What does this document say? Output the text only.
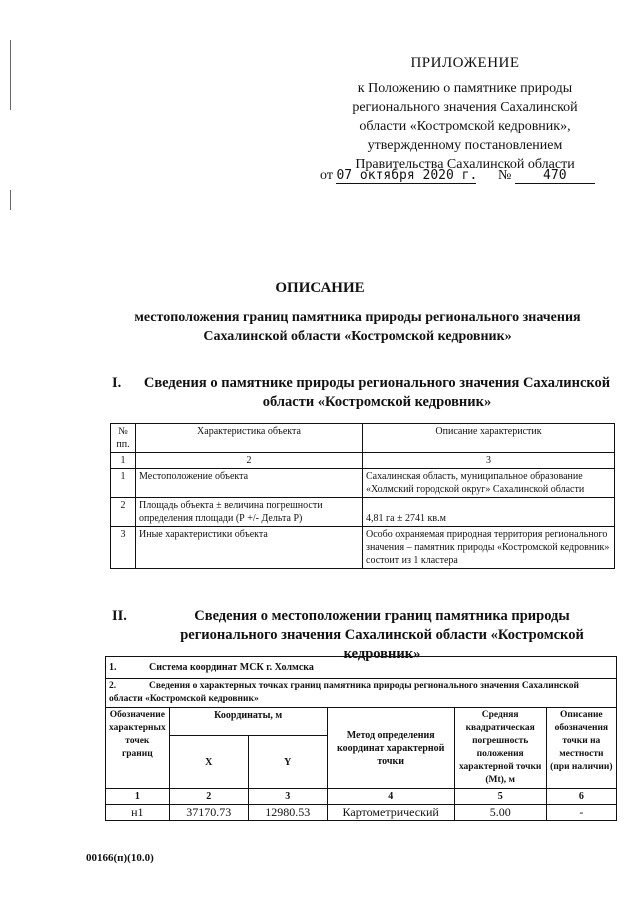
ПРИЛОЖЕНИЕ
к Положению о памятнике природы
регионального значения Сахалинской
области «Костромской кедровник»,
утвержденному постановлением
Правительства Сахалинской области
от 07 октября 2020 г. № 470
ОПИСАНИЕ
местоположения границ памятника природы регионального значения Сахалинской области «Костромской кедровник»
I. Сведения о памятнике природы регионального значения Сахалинской области «Костромской кедровник»
№ пп.	Характеристика объекта	Описание характеристик
1	2	3
1	Местоположение объекта	Сахалинская область, муниципальное образование «Холмский городской округ» Сахалинской области
2	Площадь объекта ± величина погрешности определения площади (Р +/- Дельта Р)	4,81 га ± 2741 кв.м
3	Иные характеристики объекта	Особо охраняемая природная территория регионального значения – памятник природы «Костромской кедровник» состоит из 1 кластера
II.	Сведения о местоположении границ памятника природы регионального значения Сахалинской области «Костромской кедровник»
1. Система координат МСК г. Холмска					
2. Сведения о характерных точках границ памятника природы регионального значения Сахалинской области «Костромской кедровник»					
Обозначение характерных точек границ	Координаты, м		Метод определения координат характерной точки	Средняя квадратическая погрешность положения характерной точки (Mt), м	Описание обозначения точки на местности (при наличии)
	X	Y			
1	2	3	4	5	6
н1	37170.73	12980.53	Картометрический	5.00	-
00166(п)(10.0)
